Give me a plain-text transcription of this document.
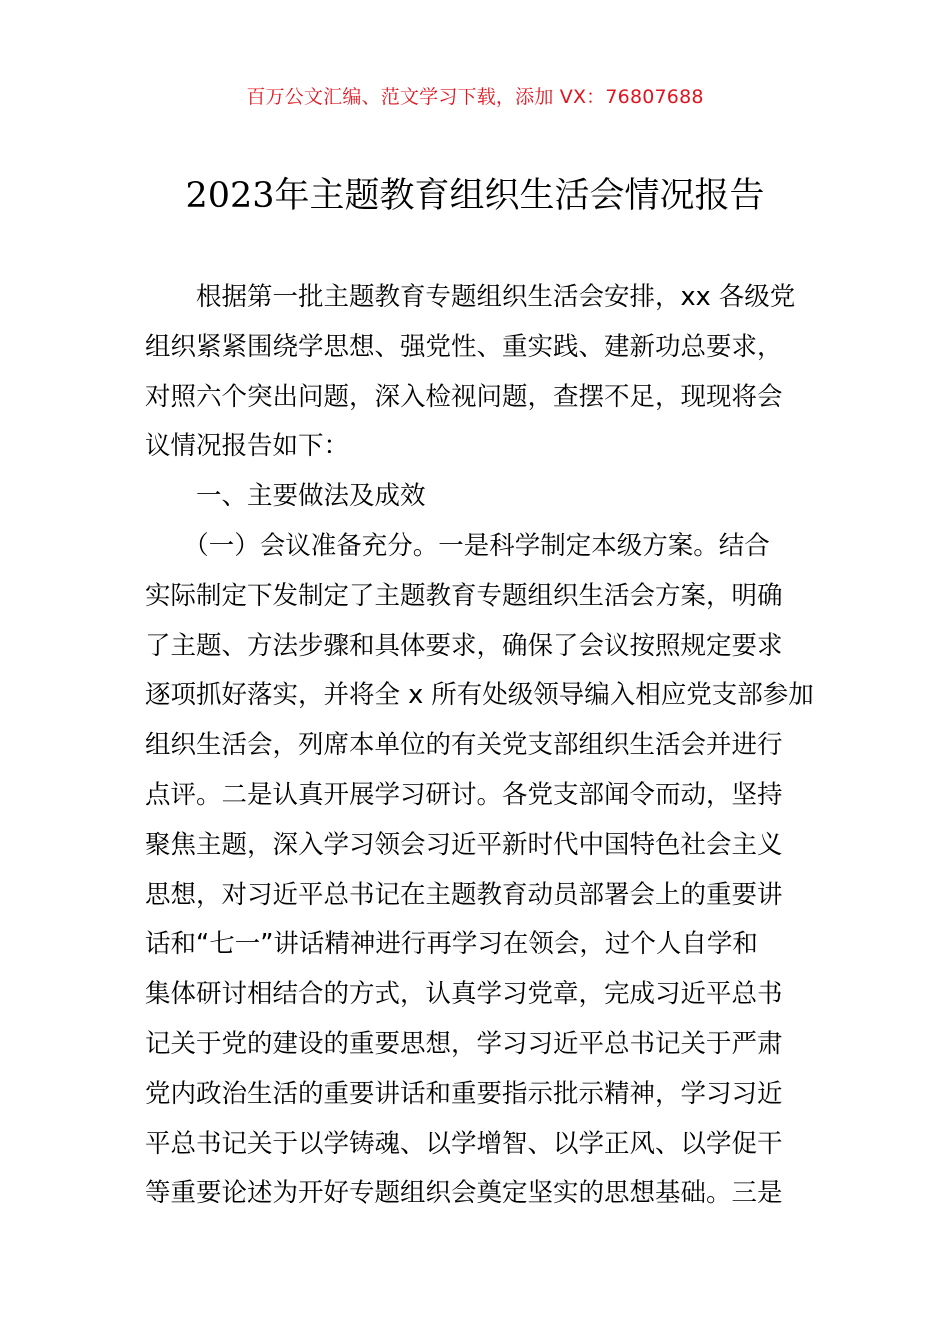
百万公文汇编、范文学习下载，添加 VX：76807688
2023年主题教育组织生活会情况报告
　　根据第一批主题教育专题组织生活会安排，xx 各级党
组织紧紧围绕学思想、强党性、重实践、建新功总要求，
对照六个突出问题，深入检视问题，查摆不足，现现将会
议情况报告如下：
　　一、主要做法及成效
　　（一）会议准备充分。一是科学制定本级方案。结合
实际制定下发制定了主题教育专题组织生活会方案，明确
了主题、方法步骤和具体要求，确保了会议按照规定要求
逐项抓好落实，并将全 x 所有处级领导编入相应党支部参加
组织生活会，列席本单位的有关党支部组织生活会并进行
点评。二是认真开展学习研讨。各党支部闻令而动，坚持
聚焦主题，深入学习领会习近平新时代中国特色社会主义
思想，对习近平总书记在主题教育动员部署会上的重要讲
话和“七一”讲话精神进行再学习在领会，过个人自学和
集体研讨相结合的方式，认真学习党章，完成习近平总书
记关于党的建设的重要思想，学习习近平总书记关于严肃
党内政治生活的重要讲话和重要指示批示精神，学习习近
平总书记关于以学铸魂、以学增智、以学正风、以学促干
等重要论述为开好专题组织会奠定坚实的思想基础。三是
